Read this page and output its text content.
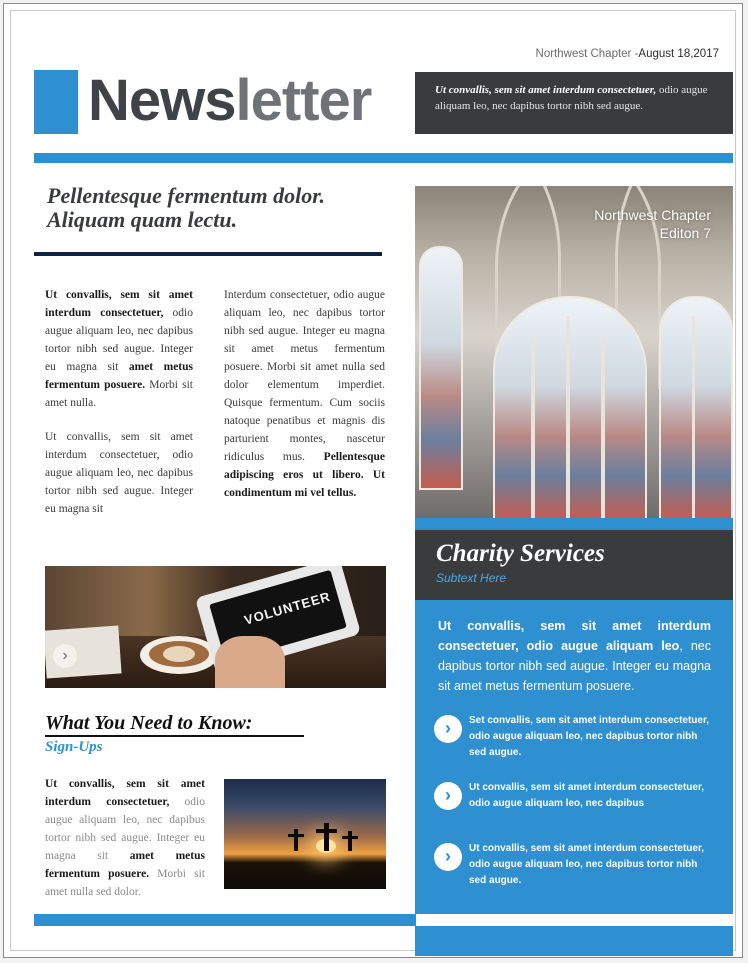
Northwest Chapter -August 18,2017
Newsletter	Ut convallis, sem sit amet interdum consectetuer, odio augue aliquam leo, nec dapibus tortor nibh sed augue.
Pellentesque fermentum dolor.
Aliquam quam lectu.

Ut convallis, sem sit amet interdum consectetuer, odio augue aliquam leo, nec dapibus tortor nibh sed augue. Integer eu magna sit amet metus fermentum posuere. Morbi sit amet nulla.

Ut convallis, sem sit amet interdum consectetuer, odio augue aliquam leo, nec dapibus tortor nibh sed augue. Integer eu magna sit

Interdum consectetuer, odio augue aliquam leo, nec dapibus tortor nibh sed augue. Integer eu magna sit amet metus fermentum posuere. Morbi sit amet nulla sed dolor elementum imperdiet. Quisque fermentum. Cum sociis natoque penatibus et magnis dis parturient montes, nascetur ridiculus mus. Pellentesque adipiscing eros ut libero. Ut condimentum mi vel tellus.

VOLUNTEER
›
What You Need to Know:
Sign-Ups

Ut convallis, sem sit amet interdum consectetuer, odio augue aliquam leo, nec dapibus tortor nibh sed augue. Integer eu magna sit amet metus fermentum posuere. Morbi sit amet nulla sed dolor.

Northwest Chapter
Editon 7
Charity Services
Subtext Here
Ut convallis, sem sit amet interdum consectetuer, odio augue aliquam leo, nec dapibus tortor nibh sed augue. Integer eu magna sit amet metus fermentum posuere.
›	Set convallis, sem sit amet interdum consectetuer, odio augue aliquam leo, nec dapibus tortor nibh sed augue.
›	Ut convallis, sem sit amet interdum consectetuer, odio augue aliquam leo, nec dapibus
›	Ut convallis, sem sit amet interdum consectetuer, odio augue aliquam leo, nec dapibus tortor nibh sed augue.
